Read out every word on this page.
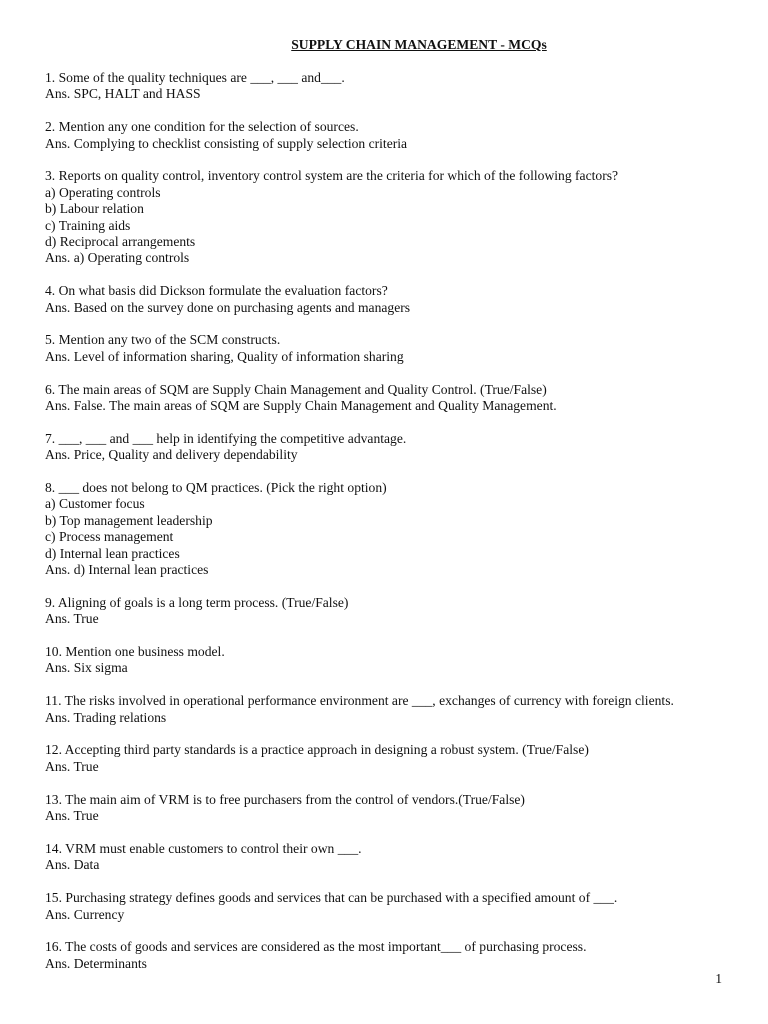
SUPPLY CHAIN MANAGEMENT - MCQs
1. Some of the quality techniques are ___, ___ and___.
Ans. SPC, HALT and HASS
2. Mention any one condition for the selection of sources.
Ans. Complying to checklist consisting of supply selection criteria
3. Reports on quality control, inventory control system are the criteria for which of the following factors?
a) Operating controls
b) Labour relation
c) Training aids
d) Reciprocal arrangements
Ans. a) Operating controls
4. On what basis did Dickson formulate the evaluation factors?
Ans. Based on the survey done on purchasing agents and managers
5. Mention any two of the SCM constructs.
Ans. Level of information sharing, Quality of information sharing
6. The main areas of SQM are Supply Chain Management and Quality Control. (True/False)
Ans. False. The main areas of SQM are Supply Chain Management and Quality Management.
7. ___, ___ and ___ help in identifying the competitive advantage.
Ans. Price, Quality and delivery dependability
8. ___ does not belong to QM practices. (Pick the right option)
a) Customer focus
b) Top management leadership
c) Process management
d) Internal lean practices
Ans. d) Internal lean practices
9. Aligning of goals is a long term process. (True/False)
Ans. True
10. Mention one business model.
Ans. Six sigma
11. The risks involved in operational performance environment are ___, exchanges of currency with foreign clients.
Ans. Trading relations
12. Accepting third party standards is a practice approach in designing a robust system. (True/False)
Ans. True
13. The main aim of VRM is to free purchasers from the control of vendors.(True/False)
Ans. True
14. VRM must enable customers to control their own ___.
Ans. Data
15. Purchasing strategy defines goods and services that can be purchased with a specified amount of ___.
Ans. Currency
16. The costs of goods and services are considered as the most important___ of purchasing process.
Ans. Determinants
1
